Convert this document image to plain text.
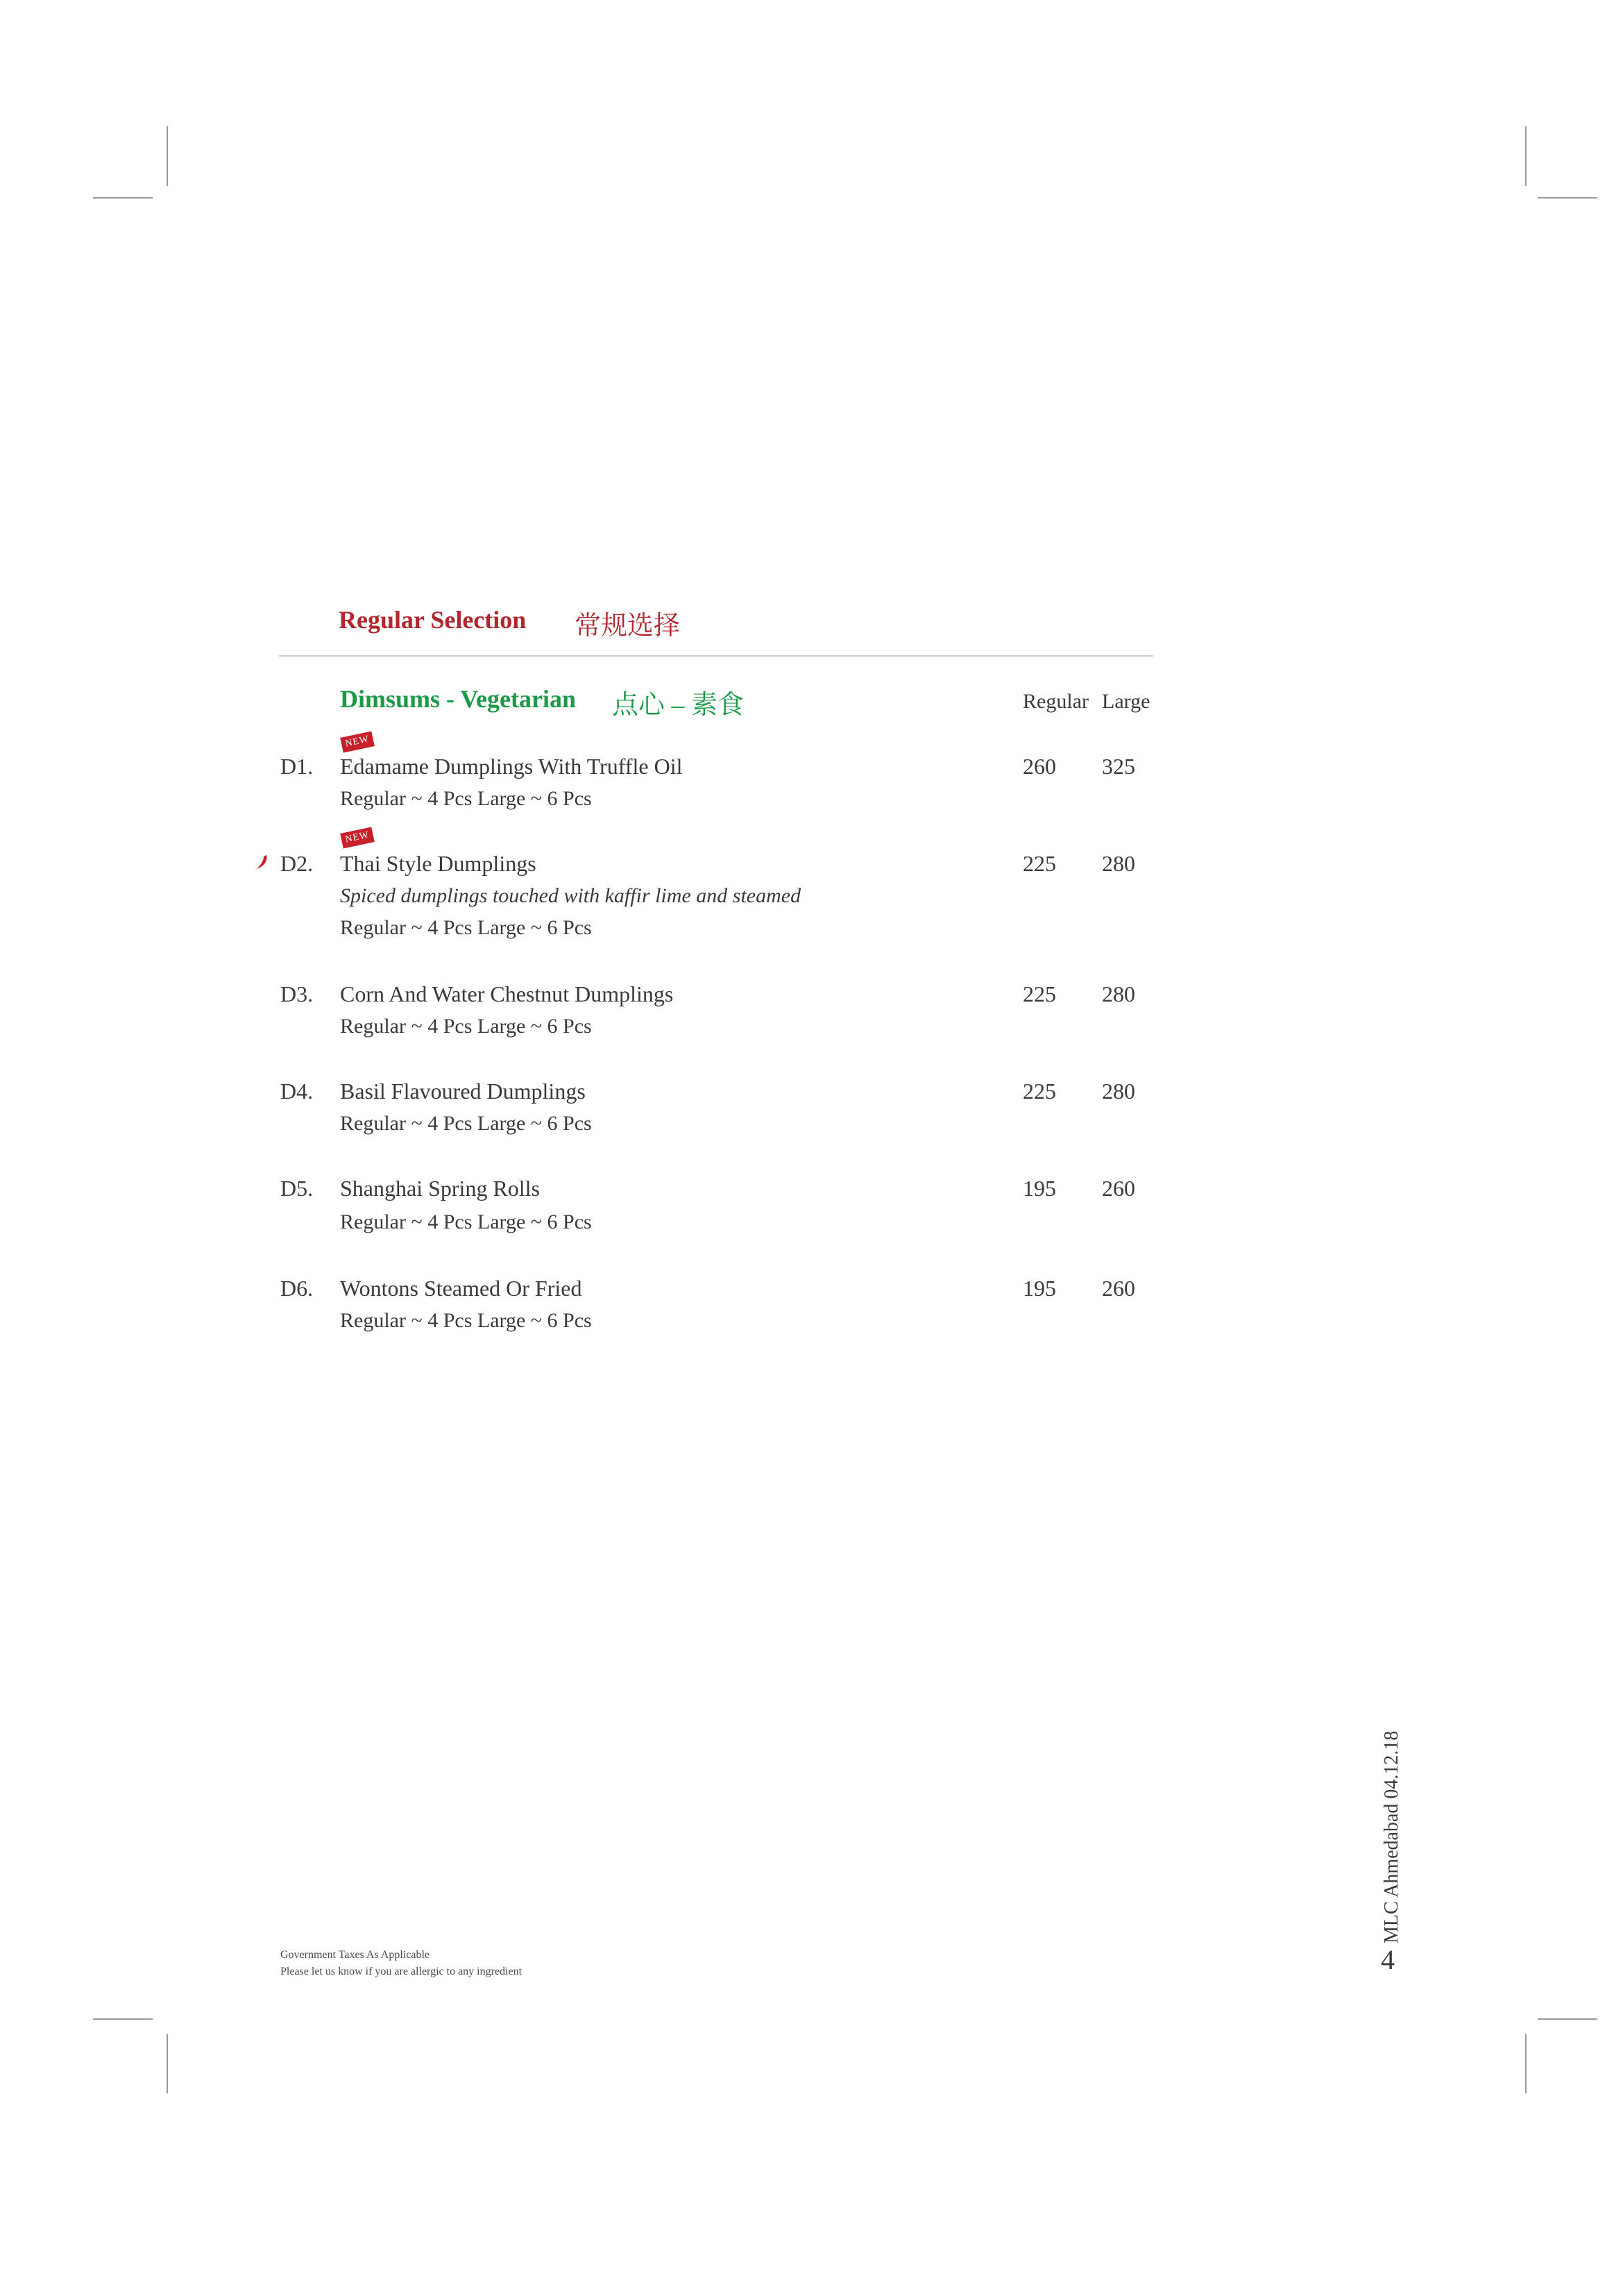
Regular Selection 常规选择
Dimsums - Vegetarian 点心 – 素食	Regular Large
NEW
D1. Edamame Dumplings With Truffle Oil	260 325
Regular ~ 4 Pcs Large ~ 6 Pcs
NEW
D2. Thai Style Dumplings	225 280
Spiced dumplings touched with kaffir lime and steamed
Regular ~ 4 Pcs Large ~ 6 Pcs
D3. Corn And Water Chestnut Dumplings	225 280
Regular ~ 4 Pcs Large ~ 6 Pcs
D4. Basil Flavoured Dumplings	225 280
Regular ~ 4 Pcs Large ~ 6 Pcs
D5. Shanghai Spring Rolls	195 260
Regular ~ 4 Pcs Large ~ 6 Pcs
D6. Wontons Steamed Or Fried	195 260
Regular ~ 4 Pcs Large ~ 6 Pcs
Government Taxes As Applicable
Please let us know if you are allergic to any ingredient
MLC Ahmedabad 04.12.18
4
